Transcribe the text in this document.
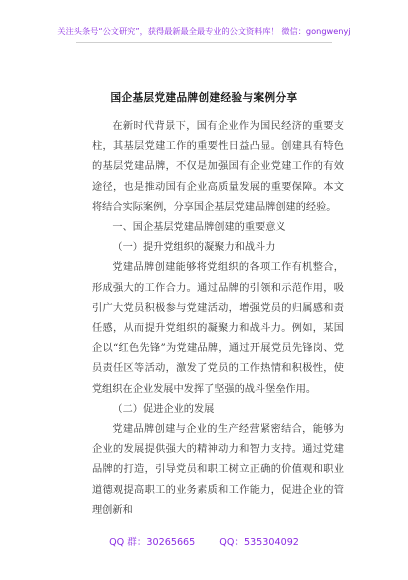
关注头条号“公文研究”，获得最新最全最专业的公文资料库！ 微信：gongwenyj
国企基层党建品牌创建经验与案例分享

在新时代背景下，国有企业作为国民经济的重要支柱，其基层党建工作的重要性日益凸显。创建具有特色的基层党建品牌，不仅是加强国有企业党建工作的有效途径，也是推动国有企业高质量发展的重要保障。本文将结合实际案例，分享国企基层党建品牌创建的经验。

一、国企基层党建品牌创建的重要意义

（一）提升党组织的凝聚力和战斗力

党建品牌创建能够将党组织的各项工作有机整合，形成强大的工作合力。通过品牌的引领和示范作用，吸引广大党员积极参与党建活动，增强党员的归属感和责任感，从而提升党组织的凝聚力和战斗力。例如，某国企以“红色先锋”为党建品牌，通过开展党员先锋岗、党员责任区等活动，激发了党员的工作热情和积极性，使党组织在企业发展中发挥了坚强的战斗堡垒作用。

（二）促进企业的发展

党建品牌创建与企业的生产经营紧密结合，能够为企业的发展提供强大的精神动力和智力支持。通过党建品牌的打造，引导党员和职工树立正确的价值观和职业道德观提高职工的业务素质和工作能力，促进企业的管理创新和

QQ 群：30265665	QQ：535304092
